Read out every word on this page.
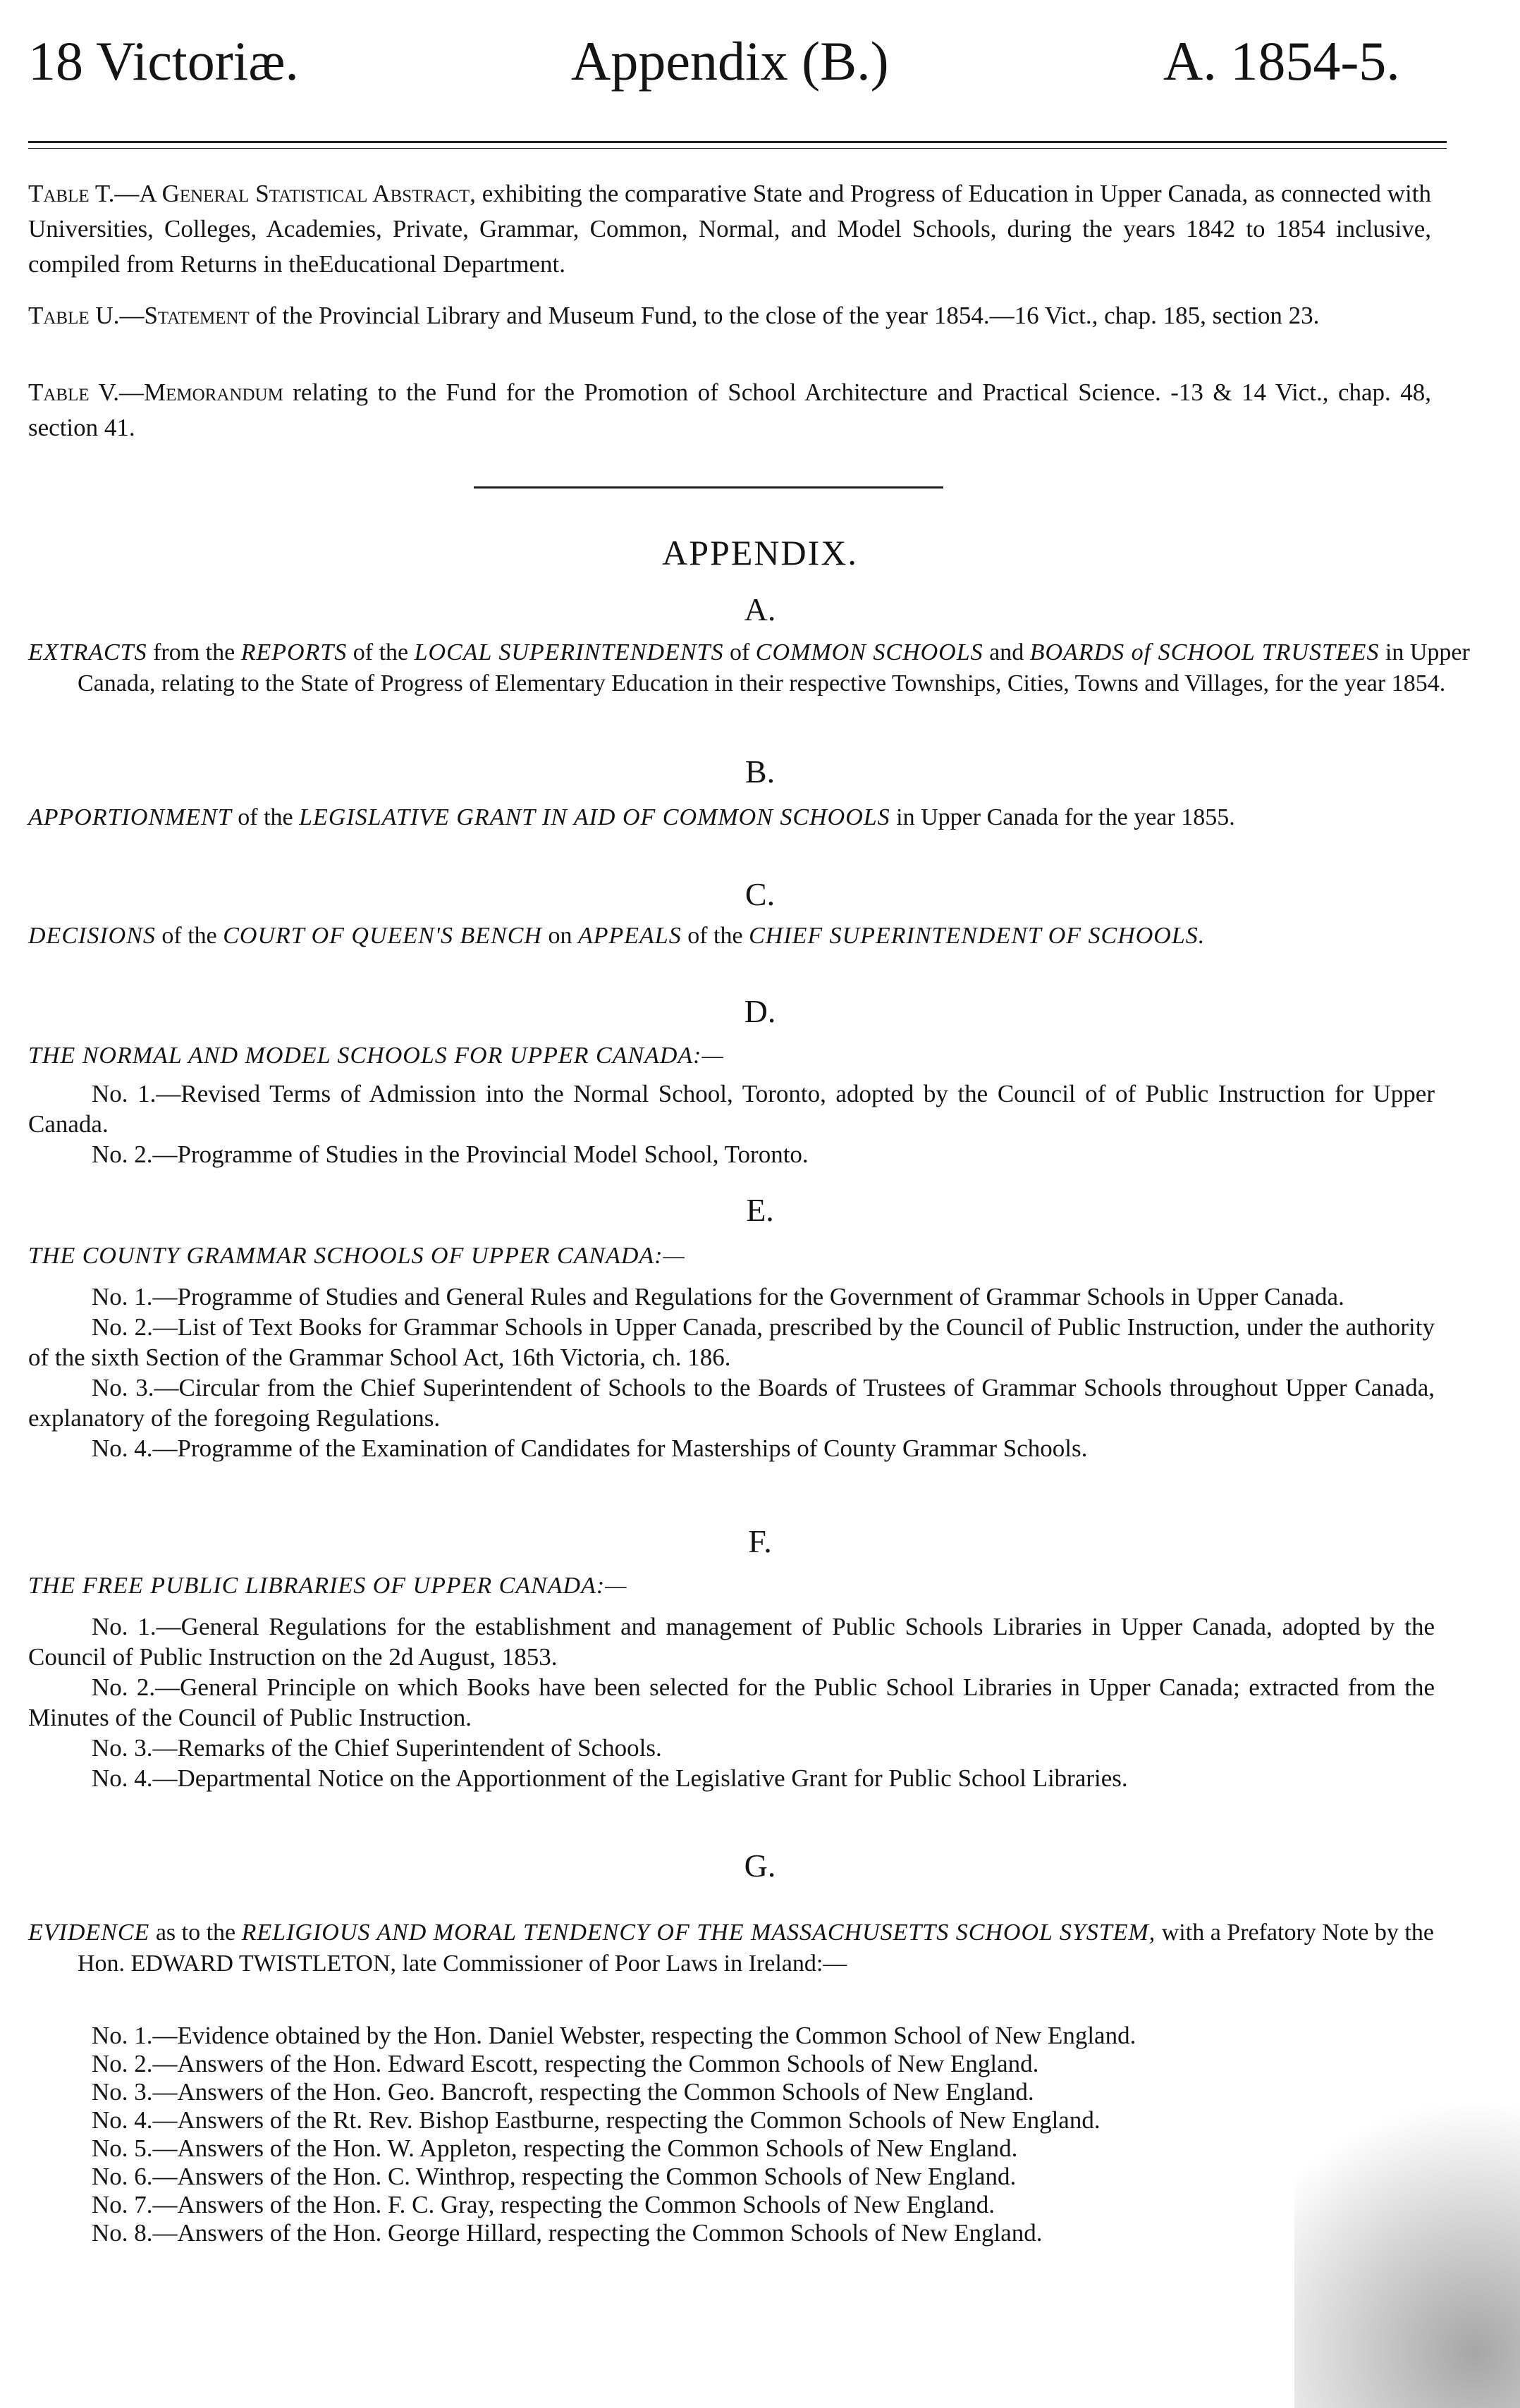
18 Victoriæ.	Appendix (B.)	A. 1854-5.
Table T.—A General Statistical Abstract, exhibiting the comparative State and Progress of Education in Upper Canada, as connected with Universities, Colleges, Academies, Private, Grammar, Common, Normal, and Model Schools, during the years 1842 to 1854 inclusive, compiled from Returns in theEducational Department.
Table U.—Statement of the Provincial Library and Museum Fund, to the close of the year 1854.—16 Vict., chap. 185, section 23.
Table V.—Memorandum relating to the Fund for the Promotion of School Architecture and Practical Science. -13 & 14 Vict., chap. 48, section 41.
APPENDIX.
A.
EXTRACTS from the REPORTS of the LOCAL SUPERINTENDENTS of COMMON SCHOOLS and BOARDS of SCHOOL TRUSTEES in Upper Canada, relating to the State of Progress of Elementary Education in their respective Townships, Cities, Towns and Villages, for the year 1854.
B.
APPORTIONMENT of the LEGISLATIVE GRANT IN AID OF COMMON SCHOOLS in Upper Canada for the year 1855.
C.
DECISIONS of the COURT OF QUEEN'S BENCH on APPEALS of the CHIEF SUPERINTENDENT OF SCHOOLS.
D.
THE NORMAL AND MODEL SCHOOLS FOR UPPER CANADA:—
No. 1.—Revised Terms of Admission into the Normal School, Toronto, adopted by the Council of of Public Instruction for Upper Canada.
No. 2.—Programme of Studies in the Provincial Model School, Toronto.
E.
THE COUNTY GRAMMAR SCHOOLS OF UPPER CANADA:—
No. 1.—Programme of Studies and General Rules and Regulations for the Government of Grammar Schools in Upper Canada.
No. 2.—List of Text Books for Grammar Schools in Upper Canada, prescribed by the Council of Public Instruction, under the authority of the sixth Section of the Grammar School Act, 16th Victoria, ch. 186.
No. 3.—Circular from the Chief Superintendent of Schools to the Boards of Trustees of Grammar Schools throughout Upper Canada, explanatory of the foregoing Regulations.
No. 4.—Programme of the Examination of Candidates for Masterships of County Grammar Schools.
F.
THE FREE PUBLIC LIBRARIES OF UPPER CANADA:—
No. 1.—General Regulations for the establishment and management of Public Schools Libraries in Upper Canada, adopted by the Council of Public Instruction on the 2d August, 1853.
No. 2.—General Principle on which Books have been selected for the Public School Libraries in Upper Canada; extracted from the Minutes of the Council of Public Instruction.
No. 3.—Remarks of the Chief Superintendent of Schools.
No. 4.—Departmental Notice on the Apportionment of the Legislative Grant for Public School Libraries.
G.
EVIDENCE as to the RELIGIOUS AND MORAL TENDENCY OF THE MASSACHUSETTS SCHOOL SYSTEM, with a Prefatory Note by the Hon. EDWARD TWISTLETON, late Commissioner of Poor Laws in Ireland:—
No. 1.—Evidence obtained by the Hon. Daniel Webster, respecting the Common School of New England.
No. 2.—Answers of the Hon. Edward Escott, respecting the Common Schools of New England.
No. 3.—Answers of the Hon. Geo. Bancroft, respecting the Common Schools of New England.
No. 4.—Answers of the Rt. Rev. Bishop Eastburne, respecting the Common Schools of New England.
No. 5.—Answers of the Hon. W. Appleton, respecting the Common Schools of New England.
No. 6.—Answers of the Hon. C. Winthrop, respecting the Common Schools of New England.
No. 7.—Answers of the Hon. F. C. Gray, respecting the Common Schools of New England.
No. 8.—Answers of the Hon. George Hillard, respecting the Common Schools of New England.
